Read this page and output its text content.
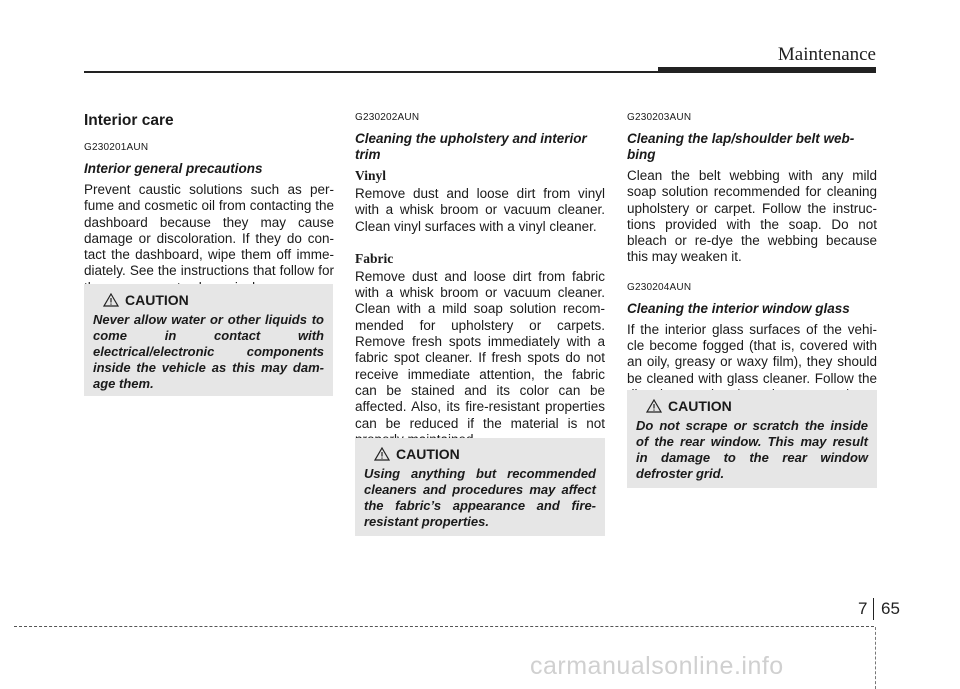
Maintenance
Interior care
G230201AUN
Interior general precautions

Prevent caustic solutions such as per-fume and cosmetic oil from contacting the dashboard because they may cause damage or discoloration. If they do con-tact the dashboard, wipe them off imme-diately. See the instructions that follow for

CAUTION

Never allow water or other liquids to come in contact with electrical/electronic components inside the vehicle as this may dam-age them.

G230202AUN
Cleaning the upholstery and interior trim
Vinyl

Remove dust and loose dirt from vinyl with a whisk broom or vacuum cleaner. Clean vinyl surfaces with a vinyl cleaner.

Fabric

Remove dust and loose dirt from fabric with a whisk broom or vacuum cleaner. Clean with a mild soap solution recom-mended for upholstery or carpets. Remove fresh spots immediately with a fabric spot cleaner. If fresh spots do not receive immediate attention, the fabric can be stained and its color can be affected. Also, its fire-resistant properties can be reduced if the material is not

CAUTION

Using anything but recommended cleaners and procedures may affect the fabric’s appearance and fire-resistant properties.

G230203AUN
Cleaning the lap/shoulder belt web-bing

Clean the belt webbing with any mild soap solution recommended for cleaning upholstery or carpet. Follow the instruc-tions provided with the soap. Do not bleach or re-dye the webbing because this may weaken it.

G230204AUN
Cleaning the interior window glass

If the interior glass surfaces of the vehi-cle become fogged (that is, covered with an oily, greasy or waxy film), they should be cleaned with glass cleaner. Follow the

CAUTION

Do not scrape or scratch the inside of the rear window. This may result in damage to the rear window defroster grid.

7 65
carmanualsonline.info
